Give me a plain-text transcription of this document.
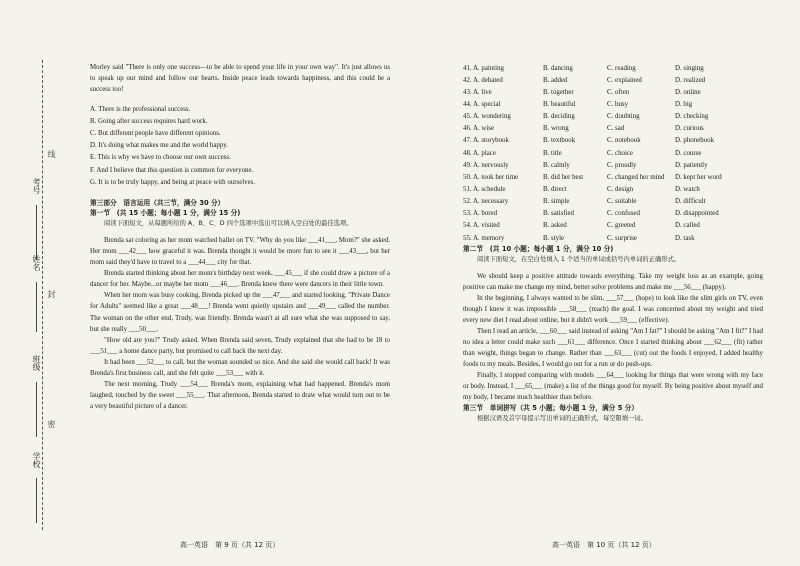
考号
姓名
班级
学校
线
封
密

Morley said "There is only one success—to be able to spend your life in your own way". It's just allows us to speak up our mind and follow our hearts. Inside peace leads towards happiness, and this could be a success too!

A. There is the professional success.

B. Going after success requires hard work.

C. But different people have different opinions.

D. It's doing what makes me and the world happy.

E. This is why we have to choose our own success.

F. And I believe that this question is common for everyone.

G. It is to be truly happy, and being at peace with ourselves.

第三部分　语言运用（共三节，满分 30 分）

第一节　(共 15 小题；每小题 1 分，满分 15 分)

阅读下面短文，从每题所给的 A、B、C、D 四个选项中选出可以填入空白处的最佳选项。

Brenda sat coloring as her mom watched ballet on TV. "Why do you like ___41___, Mom?" she asked. Her mom ___42___ how graceful it was. Brenda thought it would be more fun to see it ___43___, but her mom said they'd have to travel to a ___44___ city for that.

Brenda started thinking about her mom's birthday next week, ___45___ if she could draw a picture of a dancer for her. Maybe...or maybe her mom ___46___. Brenda knew there were dancers in their little town.

When her mom was busy cooking, Brenda picked up the ___47___ and started looking. "Private Dance for Adults" seemed like a great ___48___! Brenda went quietly upstairs and ___49___ called the number. The woman on the other end, Trudy, was friendly. Brenda wasn't at all sure what she was supposed to say, but she really ___50___.

"How old are you?" Trudy asked. When Brenda said seven, Trudy explained that she had to be 18 to ___51___ a home dance party, but promised to call back the next day.

It had been ___52___ to call, but the woman sounded so nice. And she said she would call back! It was Brenda's first business call, and she felt quite ___53___ with it.

The next morning, Trudy ___54___ Brenda's mom, explaining what had happened. Brenda's mom laughed, touched by the sweet ___55___. That afternoon, Brenda started to draw what would turn out to be a very beautiful picture of a dancer.

41. A. painting	B. dancing	C. reading	D. singing
42. A. debated	B. added	C. explained	D. realized
43. A. live	B. together	C. often	D. online
44. A. special	B. beautiful	C. busy	D. big
45. A. wondering	B. deciding	C. doubting	D. checking
46. A. wise	B. wrong	C. sad	D. curious
47. A. storybook	B. textbook	C. notebook	D. phonebook
48. A. place	B. title	C. choice	D. course
49. A. nervously	B. calmly	C. proudly	D. patiently
50. A. took her time	B. did her best	C. changed her mind	D. kept her word
51. A. schedule	B. direct	C. design	D. watch
52. A. necessary	B. simple	C. suitable	D. difficult
53. A. bored	B. satisfied	C. confused	D. disappointed
54. A. visited	B. asked	C. greeted	D. called
55. A. memory	B. style	C. surprise	D. task

第二节　(共 10 小题；每小题 1 分，满分 10 分)

阅读下面短文，在空白处填入 1 个适当的单词或括号内单词的正确形式。

We should keep a positive attitude towards everything. Take my weight loss as an example, going positive can make me change my mind, better solve problems and make me ___56___ (happy).

In the beginning, I always wanted to be slim, ___57___ (hope) to look like the slim girls on TV, even though I knew it was impossible ___58___ (reach) the goal. I was concerned about my weight and tried every new diet I read about online, but it didn't work ___59___ (effective).

Then I read an article, ___60___ said instead of asking "Am I fat?" I should be asking "Am I fit?" I had no idea a letter could make such ___61___ difference. Once I started thinking about ___62___ (fit) rather than weight, things began to change. Rather than ___63___ (cut) out the foods I enjoyed, I added healthy foods to my meals. Besides, I would go out for a run or do push-ups.

Finally, I stopped comparing with models ___64___ looking for things that were wrong with my face or body. Instead, I ___65___ (make) a list of the things good for myself. By being positive about myself and my body, I became much healthier than before.

第三节　单词拼写（共 5 小题；每小题 1 分，满分 5 分）

根据汉语及首字母提示写出单词的正确形式，每空限填一词。

高一英语　第 9 页（共 12 页）	高一英语　第 10 页（共 12 页）
